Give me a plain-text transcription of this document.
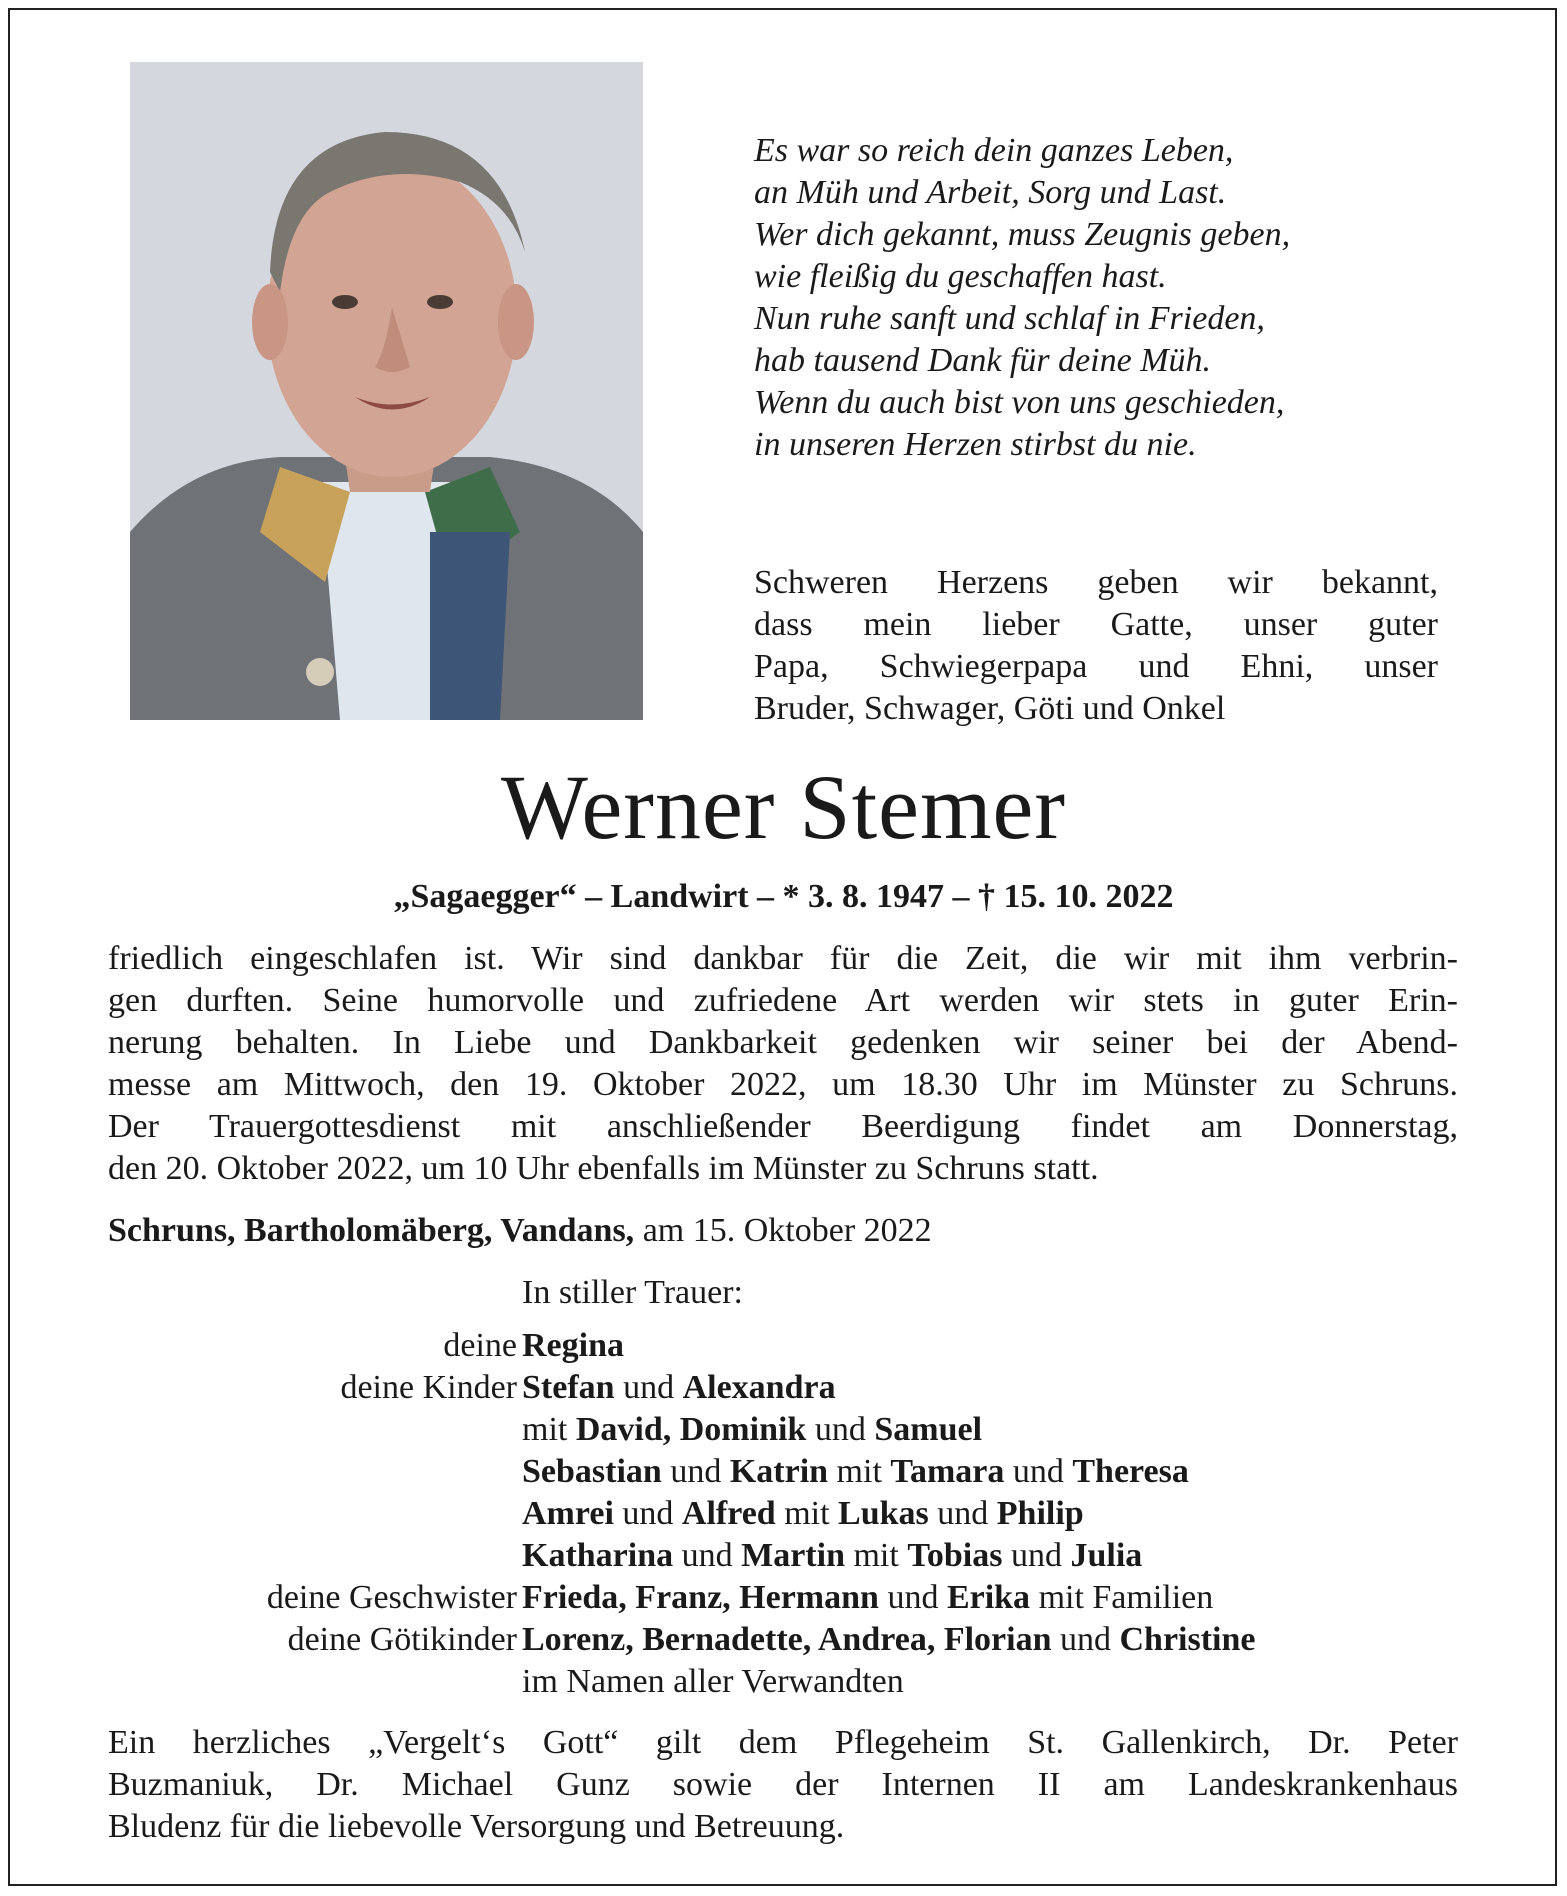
Es war so reich dein ganzes Leben,
an Müh und Arbeit, Sorg und Last.
Wer dich gekannt, muss Zeugnis geben,
wie fleißig du geschaffen hast.
Nun ruhe sanft und schlaf in Frieden,
hab tausend Dank für deine Müh.
Wenn du auch bist von uns geschieden,
in unseren Herzen stirbst du nie.
Schweren Herzens geben wir bekannt,
dass mein lieber Gatte, unser guter
Papa, Schwiegerpapa und Ehni, unser
Bruder, Schwager, Göti und Onkel
Werner Stemer
„Sagaegger“ – Landwirt – * 3. 8. 1947 – † 15. 10. 2022
friedlich eingeschlafen ist. Wir sind dankbar für die Zeit, die wir mit ihm verbrin-
gen durften. Seine humorvolle und zufriedene Art werden wir stets in guter Erin-
nerung behalten. In Liebe und Dankbarkeit gedenken wir seiner bei der Abend-
messe am Mittwoch, den 19. Oktober 2022, um 18.30 Uhr im Münster zu Schruns.
Der Trauergottesdienst mit anschließender Beerdigung findet am Donnerstag,
den 20. Oktober 2022, um 10 Uhr ebenfalls im Münster zu Schruns statt.
Schruns, Bartholomäberg, Vandans, am 15. Oktober 2022
In stiller Trauer:
deine Regina
deine Kinder Stefan und Alexandra
mit David, Dominik und Samuel
Sebastian und Katrin mit Tamara und Theresa
Amrei und Alfred mit Lukas und Philip
Katharina und Martin mit Tobias und Julia
deine Geschwister Frieda, Franz, Hermann und Erika mit Familien
deine Götikinder Lorenz, Bernadette, Andrea, Florian und Christine
im Namen aller Verwandten
Ein herzliches „Vergelt‘s Gott“ gilt dem Pflegeheim St. Gallenkirch, Dr. Peter
Buzmaniuk, Dr. Michael Gunz sowie der Internen II am Landeskrankenhaus
Bludenz für die liebevolle Versorgung und Betreuung.
